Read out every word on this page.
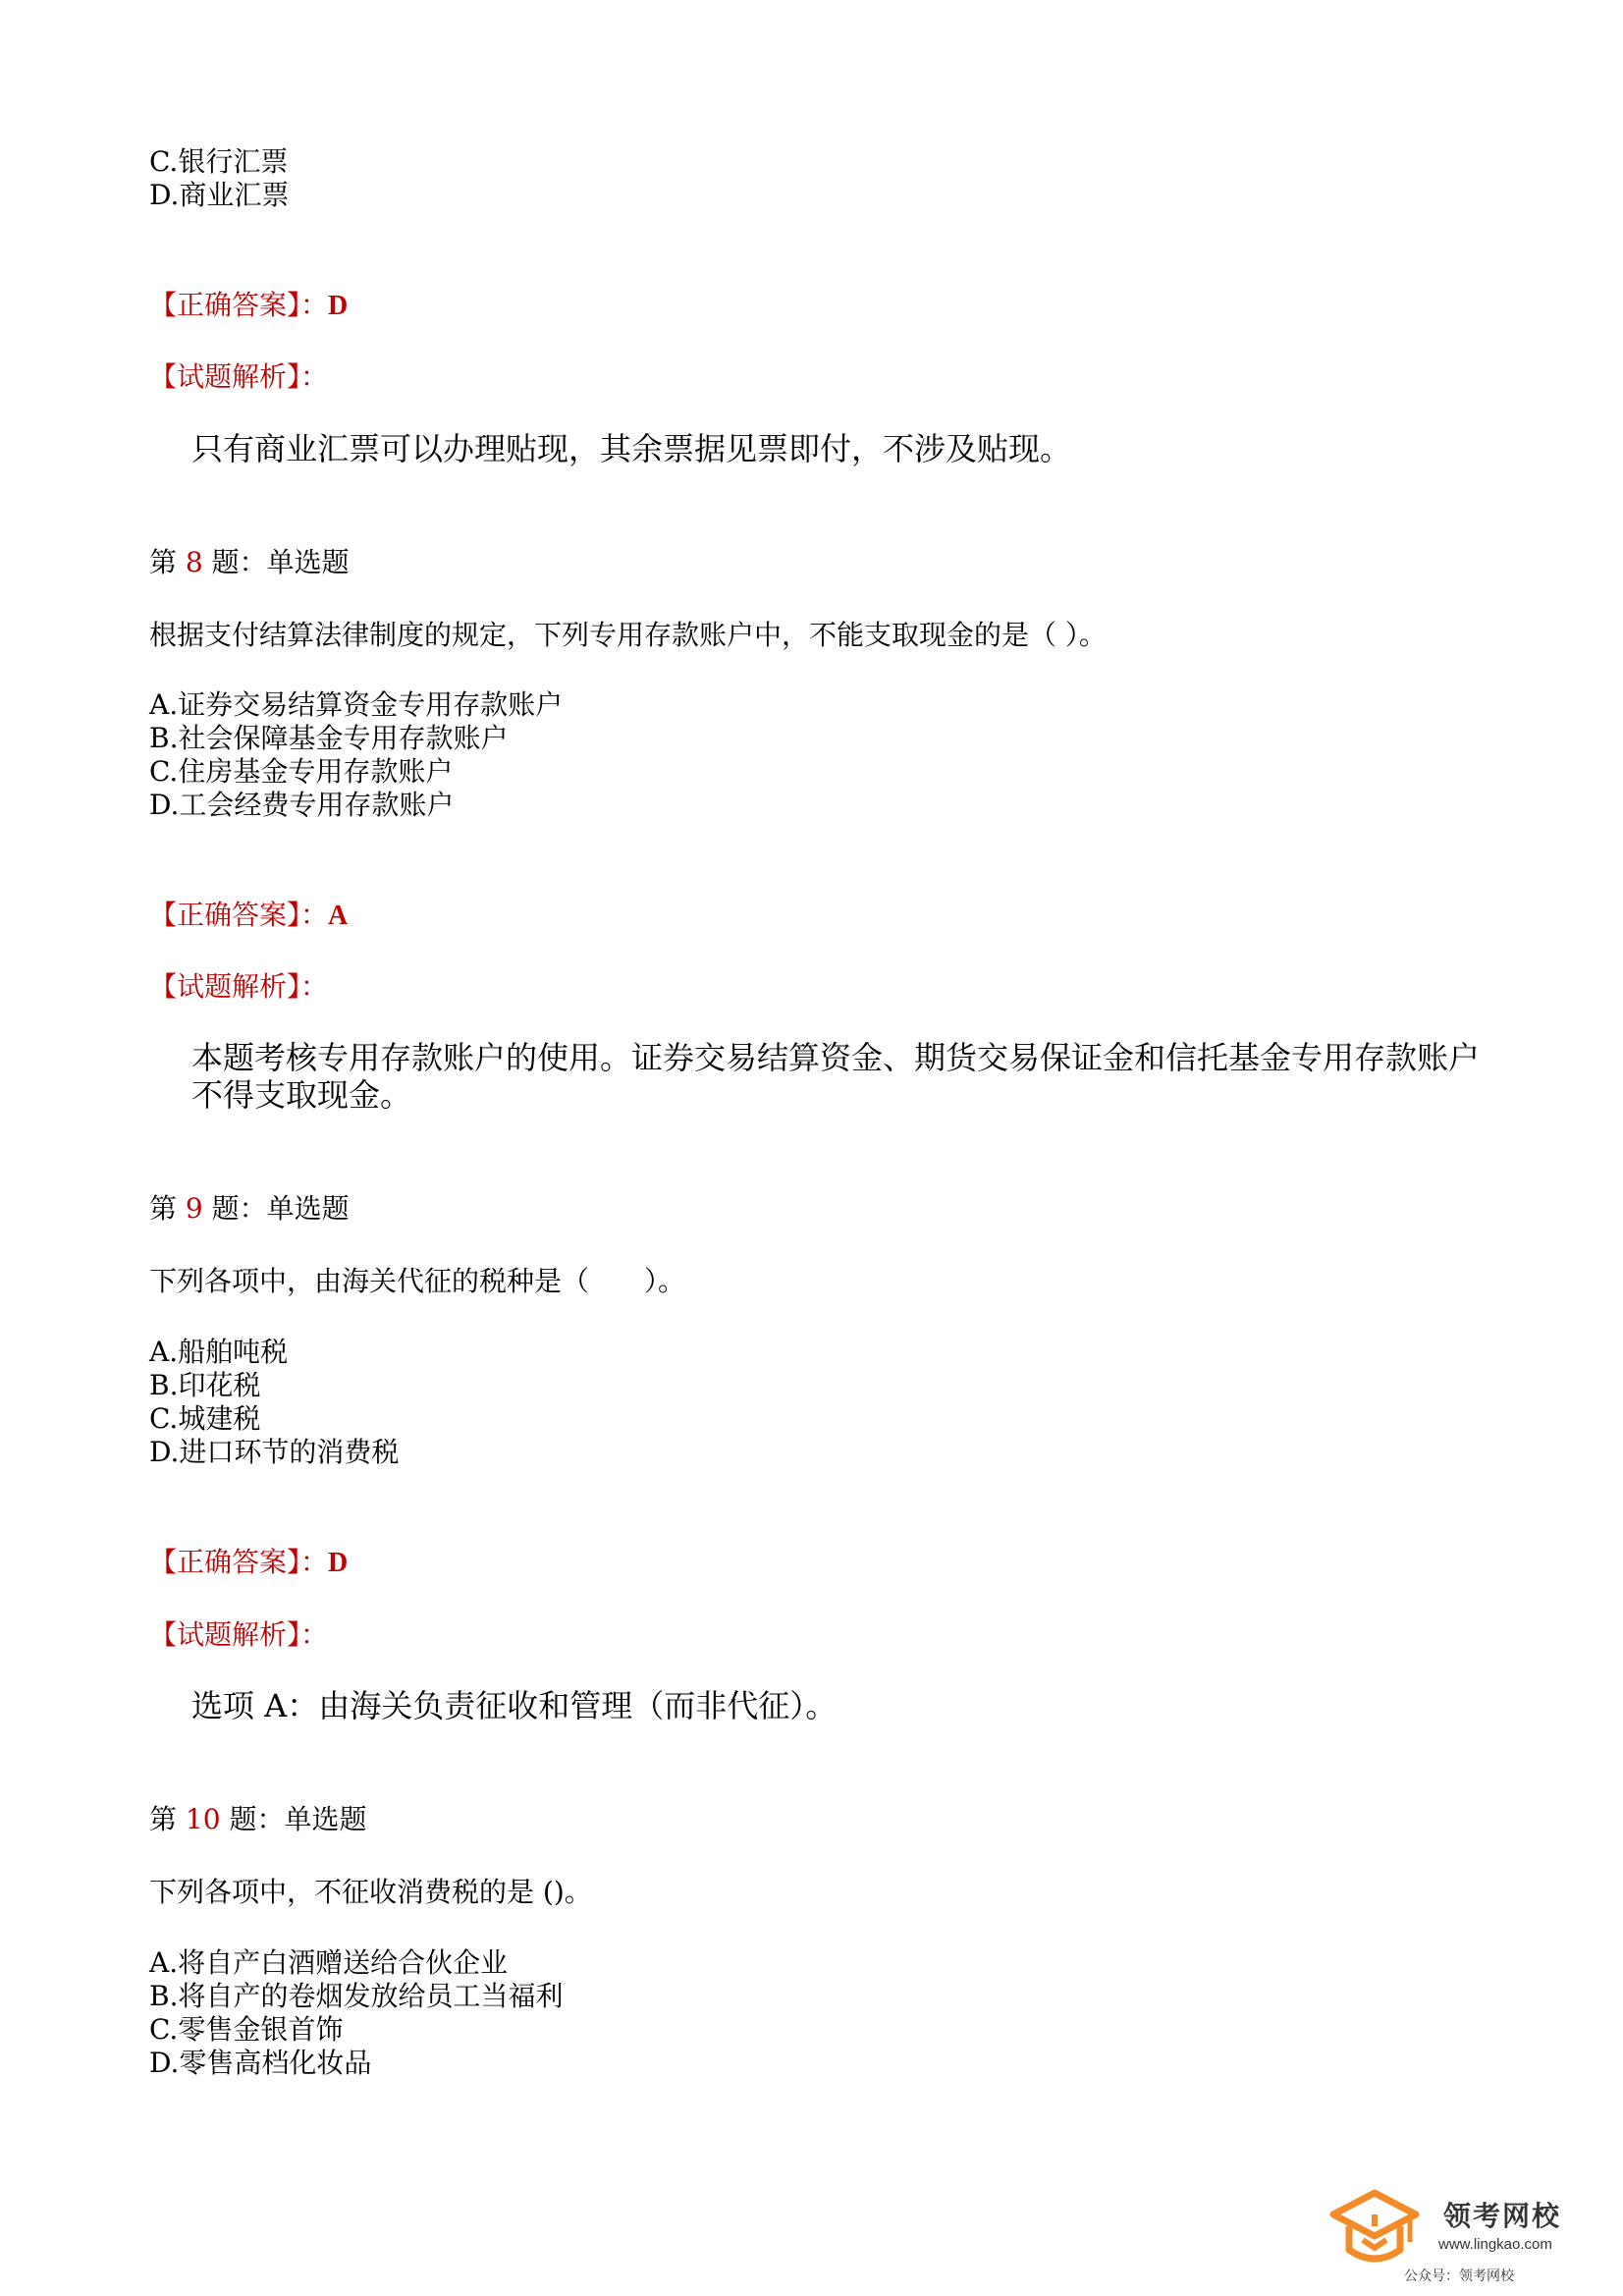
C.银行汇票
D.商业汇票
【正确答案】：D
【试题解析】：
只有商业汇票可以办理贴现，其余票据见票即付，不涉及贴现。
第 8 题：单选题
根据支付结算法律制度的规定，下列专用存款账户中，不能支取现金的是（ ）。
A.证券交易结算资金专用存款账户
B.社会保障基金专用存款账户
C.住房基金专用存款账户
D.工会经费专用存款账户
【正确答案】：A
【试题解析】：
本题考核专用存款账户的使用。证券交易结算资金、期货交易保证金和信托基金专用存款账户不得支取现金。
第 9 题：单选题
下列各项中，由海关代征的税种是（　　）。
A.船舶吨税
B.印花税
C.城建税
D.进口环节的消费税
【正确答案】：D
【试题解析】：
选项 A：由海关负责征收和管理（而非代征）。
第 10 题：单选题
下列各项中，不征收消费税的是 ()。
A.将自产白酒赠送给合伙企业
B.将自产的卷烟发放给员工当福利
C.零售金银首饰
D.零售高档化妆品
领考网校
www.lingkao.com
公众号：领考网校
